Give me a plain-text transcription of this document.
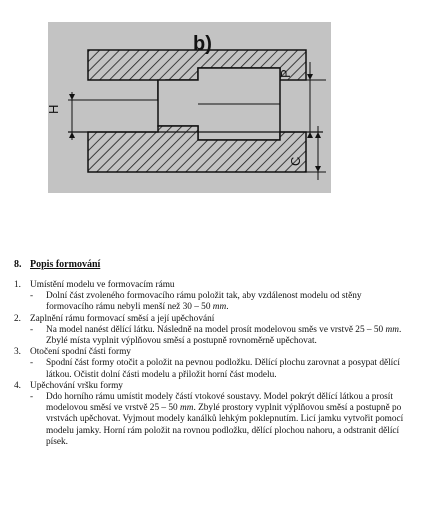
b)
H
P
C
8. Popis formování
1. Umístění modelu ve formovacím rámu
-	Dolní část zvoleného formovacího rámu položit tak, aby vzdálenost modelu od stěny formovacího rámu nebyli menší než 30 – 50 mm.
2. Zaplnění rámu formovací směsí a její upěchování
-	Na model nanést dělící látku. Následně na model prosít modelovou směs ve vrstvě 25 – 50 mm. Zbylé místa vyplnit výplňovou směsí a postupně rovnoměrně upěchovat.
3. Otočení spodní části formy
-	Spodní část formy otočit a položit na pevnou podložku. Dělící plochu zarovnat a posypat dělící látkou. Očistit dolní části modelu a přiložit horní část modelu.
4. Upěchování vršku formy
-	Ddo horního rámu umístit modely částí vtokové soustavy. Model pokrýt dělící látkou a prosít modelovou směsí ve vrstvě 25 – 50 mm. Zbylé prostory vyplnit výplňovou směsí a postupně po vrstvách upěchovat. Vyjmout modely kanálků lehkým poklepnutím. Licí jamku vytvořit pomocí modelu jamky. Horní rám položit na rovnou podložku, dělící plochou nahoru, a odstranit dělící písek.
